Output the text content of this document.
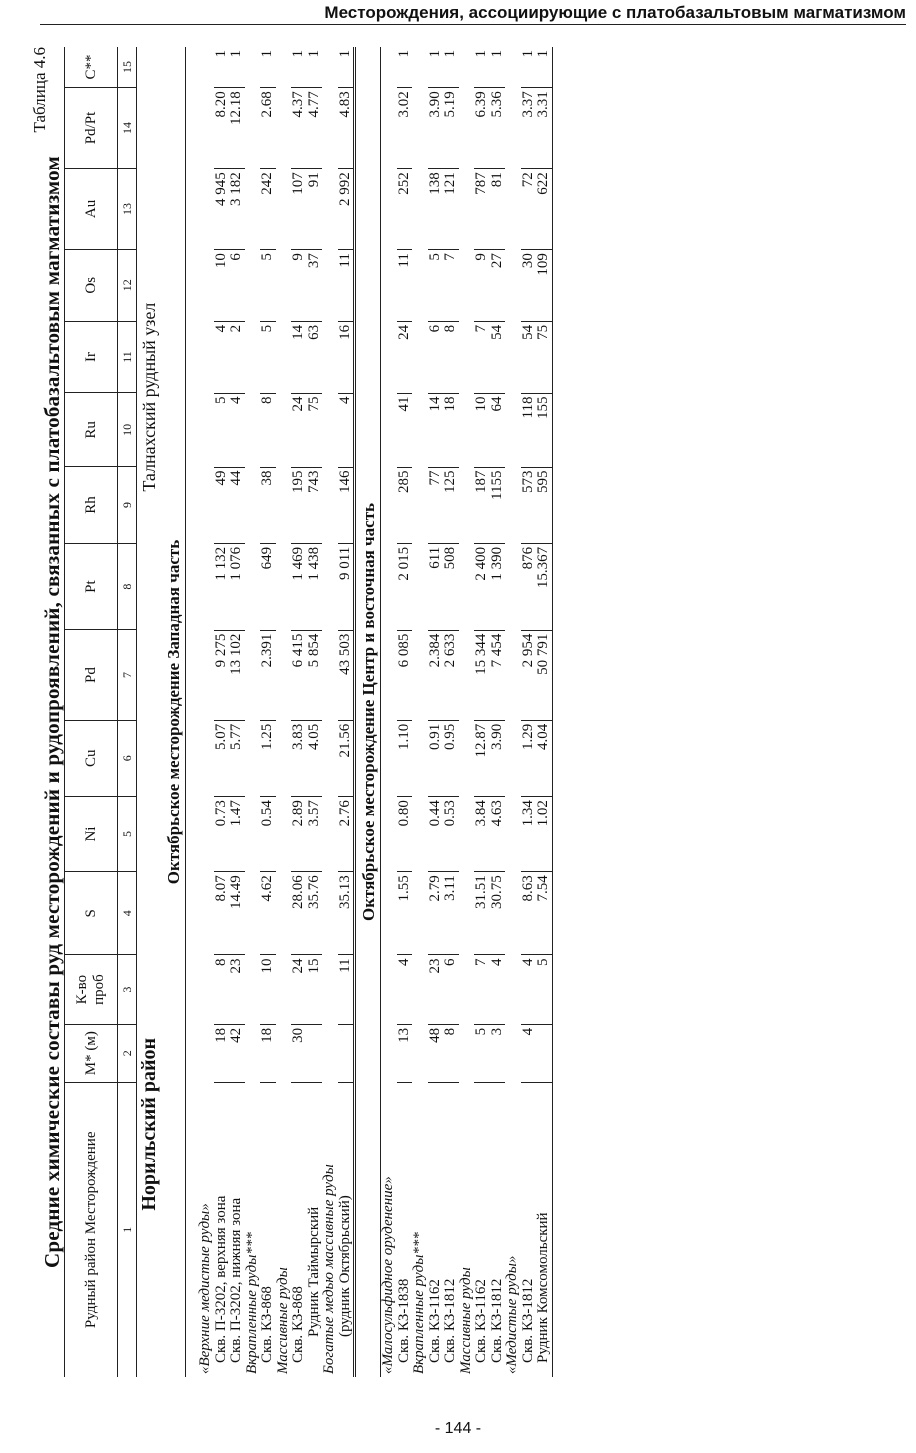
Месторождения, ассоциирующие с платобазальтовым магматизмом
Таблица 4.6
Средние химические составы руд месторождений и рудопроявлений, связанных с платобазальтовым магматизмом Рудный район Месторождение	М* (м)	К-во проб	S	Ni	Cu	Pd	Pt	Rh	Ru	Ir	Os	Au	Pd/Pt	C**
1	2	3	4	5	6	7	8	9	10	11	12	13	14	15
Норильский район				Талнахский рудный узел										
Октябрьское месторождение Западная часть														
«Верхние медистые руды»														
Скв. П-3202, верхняя зона	18	8	8.07	0.73	5.07	9 275	1 132	49	5	4	10	4 945	8.20	1
Скв. П-3202, нижняя зона	42	23	14.49	1.47	5.77	13 102	1 076	44	4	2	6	3 182	12.18	1
Вкрапленные руды***														
Скв. КЗ-868	18	10	4.62	0.54	1.25	2.391	649	38	8	5	5	242	2.68	1
Массивные руды														
Скв. КЗ-868	30	24	28.06	2.89	3.83	6 415	1 469	195	24	14	9	107	4.37	1
Рудник Таймырский		15	35.76	3.57	4.05	5 854	1 438	743	75	63	37	91	4.77	1
Богатые медью массивные руды														
(рудник Октябрьский)		11	35.13	2.76	21.56	43 503	9 011	146	4	16	11	2 992	4.83	1

Октябрьское месторождение Центр и восточная часть														
«Малосульфидное оруденение»														
Скв. КЗ-1838	13	4	1.55	0.80	1.10	6 085	2 015	285	41	24	11	252	3.02	1
Вкрапленные руды***														
Скв. КЗ-1162	48	23	2.79	0.44	0.91	2.384	611	77	14	6	5	138	3.90	1
Скв. КЗ-1812	8	6	3.11	0.53	0.95	2 633	508	125	18	8	7	121	5.19	1
Массивные руды														
Скв. КЗ-1162	5	7	31.51	3.84	12.87	15 344	2 400	187	10	7	9	787	6.39	1
Скв. КЗ-1812	3	4	30.75	4.63	3.90	7 454	1 390	1155	64	54	27	81	5.36	1
«Медистые руды»														
Скв. КЗ-1812	4	4	8.63	1.34	1.29	2 954	876	573	118	54	30	72	3.37	1
Рудник Комсомольский		5	7.54	1.02	4.04	50 791	15.367	595	155	75	109	622	3.31	1
- 144 -
